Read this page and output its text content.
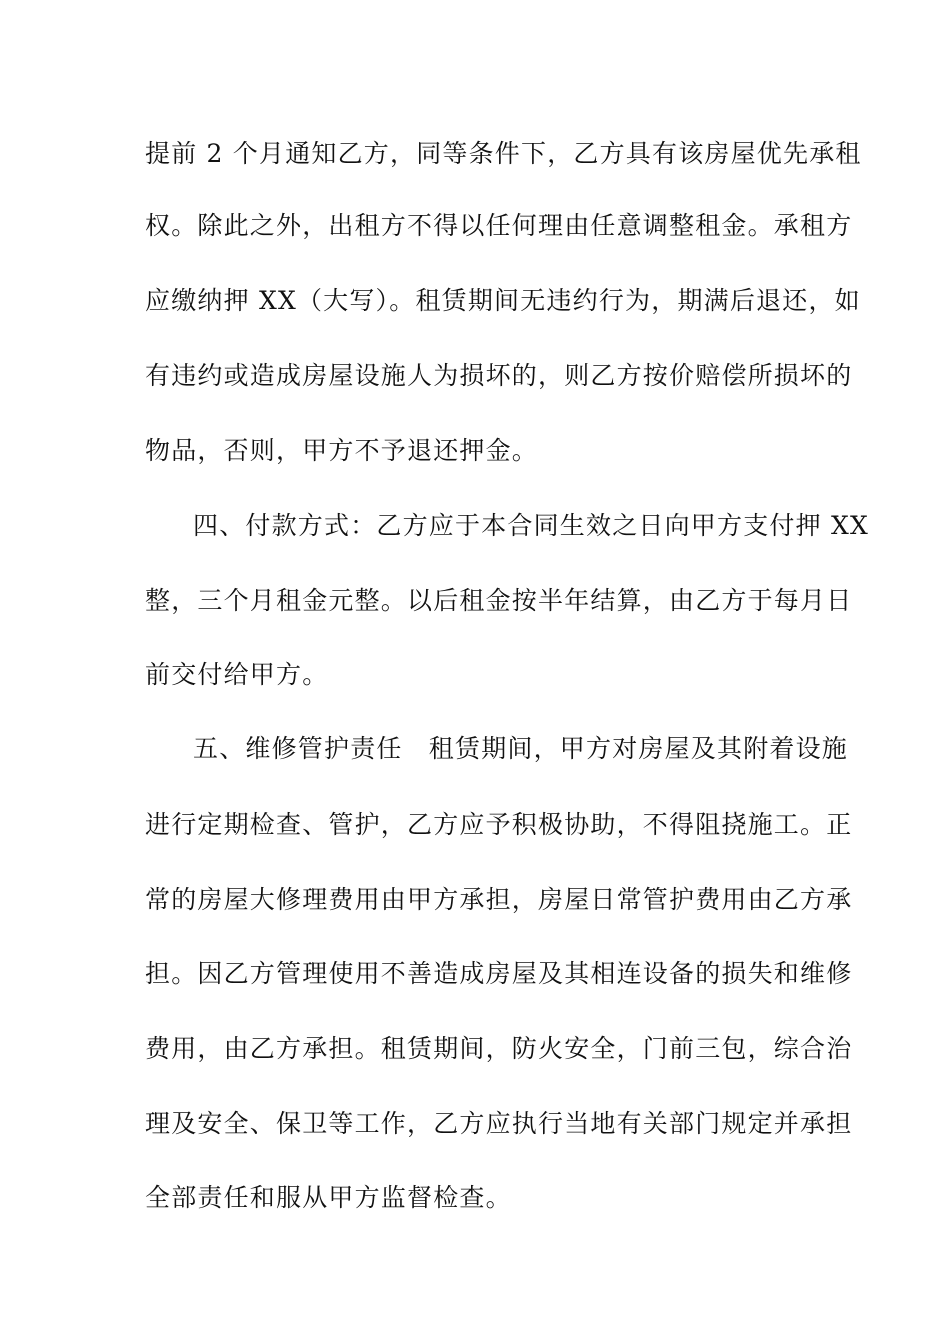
提前 2 个月通知乙方，同等条件下，乙方具有该房屋优先承租
权。除此之外，出租方不得以任何理由任意调整租金。承租方
应缴纳押 XX（大写）。租赁期间无违约行为，期满后退还，如
有违约或造成房屋设施人为损坏的，则乙方按价赔偿所损坏的
物品，否则，甲方不予退还押金。
四、付款方式：乙方应于本合同生效之日向甲方支付押 XX
整，三个月租金元整。以后租金按半年结算，由乙方于每月日
前交付给甲方。
五、维修管护责任　租赁期间，甲方对房屋及其附着设施
进行定期检查、管护，乙方应予积极协助，不得阻挠施工。正
常的房屋大修理费用由甲方承担，房屋日常管护费用由乙方承
担。因乙方管理使用不善造成房屋及其相连设备的损失和维修
费用，由乙方承担。租赁期间，防火安全，门前三包，综合治
理及安全、保卫等工作，乙方应执行当地有关部门规定并承担
全部责任和服从甲方监督检查。
